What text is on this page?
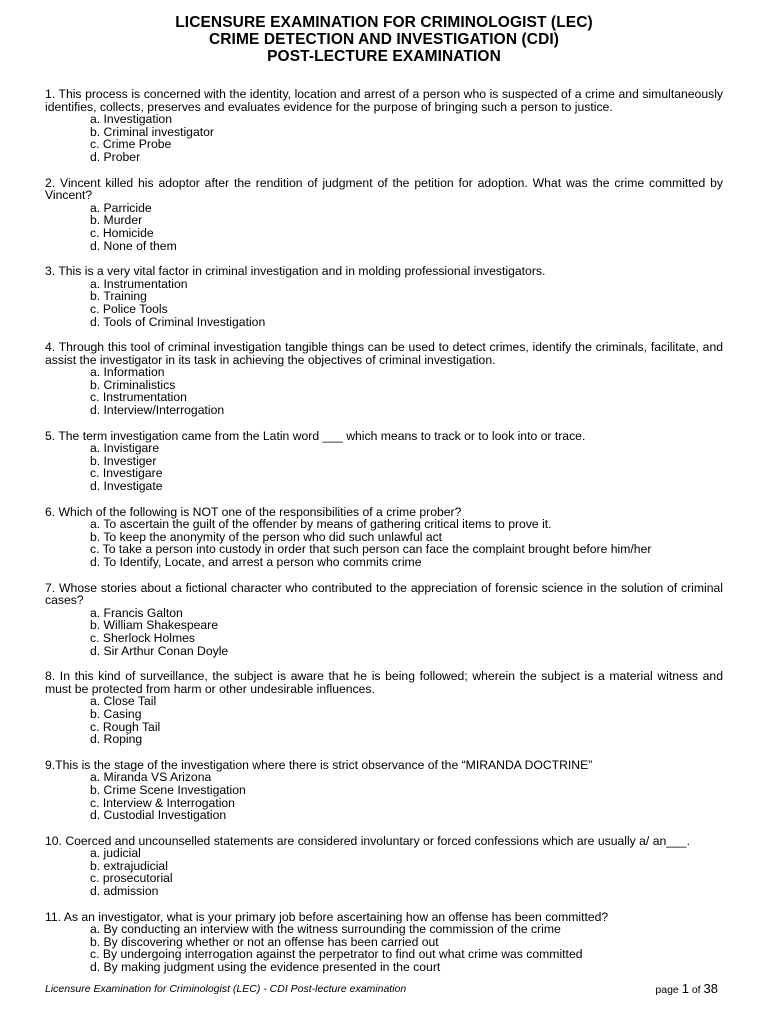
LICENSURE EXAMINATION FOR CRIMINOLOGIST (LEC)
CRIME DETECTION AND INVESTIGATION (CDI)
POST-LECTURE EXAMINATION
1. This process is concerned with the identity, location and arrest of a person who is suspected of a crime and simultaneously identifies, collects, preserves and evaluates evidence for the purpose of bringing such a person to justice.
a. Investigation
b. Criminal investigator
c. Crime Probe
d. Prober
2. Vincent killed his adoptor after the rendition of judgment of the petition for adoption. What was the crime committed by Vincent?
a. Parricide
b. Murder
c. Homicide
d. None of them
3. This is a very vital factor in criminal investigation and in molding professional investigators.
a. Instrumentation
b. Training
c. Police Tools
d. Tools of Criminal Investigation
4. Through this tool of criminal investigation tangible things can be used to detect crimes, identify the criminals, facilitate, and assist the investigator in its task in achieving the objectives of criminal investigation.
a. Information
b. Criminalistics
c. Instrumentation
d. Interview/Interrogation
5. The term investigation came from the Latin word ___ which means to track or to look into or trace.
a. Invistigare
b. Investiger
c. Investigare
d. Investigate
6. Which of the following is NOT one of the responsibilities of a crime prober?
a. To ascertain the guilt of the offender by means of gathering critical items to prove it.
b. To keep the anonymity of the person who did such unlawful act
c. To take a person into custody in order that such person can face the complaint brought before him/her
d. To Identify, Locate, and arrest a person who commits crime
7. Whose stories about a fictional character who contributed to the appreciation of forensic science in the solution of criminal cases?
a. Francis Galton
b. William Shakespeare
c. Sherlock Holmes
d. Sir Arthur Conan Doyle
8. In this kind of surveillance, the subject is aware that he is being followed; wherein the subject is a material witness and must be protected from harm or other undesirable influences.
a. Close Tail
b. Casing
c. Rough Tail
d. Roping
9.This is the stage of the investigation where there is strict observance of the “MIRANDA DOCTRINE”
a. Miranda VS Arizona
b. Crime Scene Investigation
c. Interview & Interrogation
d. Custodial Investigation
10. Coerced and uncounselled statements are considered involuntary or forced confessions which are usually a/ an___.
a. judicial
b. extrajudicial
c. prosecutorial
d. admission
11. As an investigator, what is your primary job before ascertaining how an offense has been committed?
a. By conducting an interview with the witness surrounding the commission of the crime
b. By discovering whether or not an offense has been carried out
c. By undergoing interrogation against the perpetrator to find out what crime was committed
d. By making judgment using the evidence presented in the court
Licensure Examination for Criminologist (LEC) - CDI Post-lecture examination	page 1 of 38
